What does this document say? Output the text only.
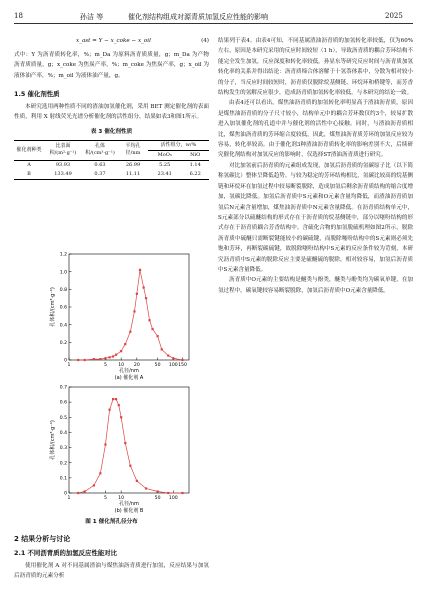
18	孙洁 等	催化剂结构组成对源青质加氢反应性能的影响	2025
x_ast = Y − x_coke − x_oil	(4)

式中：Y 为沥青质转化率，%；m_Da 为原料沥青质质量，g；m_Da 为产物沥青质质量，g；x_coke 为焦炭产率，%；m_coke 为焦炭产率，g；x_oil 为液体油产率，%；m_oil 为液体油产量，g。

1.5 催化剂性质

本研究选用两种性质不同的渣油加氢催化剂，采用 BET 测定催化剂的表面性质，利用 X 射线荧光光谱分析催化剂的活性组分，结果如表3和图1所示。

表 3 催化剂性质
催化剂种类	比表面积/(m²·g⁻¹)	孔体积/(cm³·g⁻¹)	平均孔径/nm	活性组分，w/%	
				MoO₃	NiO
A	93.93	0.63	26.99	5.25	1.14
B	133.49	0.37	11.11	23.41	6.22
0
0.2
0.4
0.6
0.8
1.0
1.2
1	5 10 20	50 100 150
孔径/nm
孔体积/(cm³·g⁻¹)
(a) 催化剂 A
0
0.1
0.2
0.3
0.4
0.5
0.6
0.7
1	5 10	50 100
孔径/nm
孔体积/(cm³·g⁻¹)
(b) 催化剂 B
图 1 催化剂孔径分布
2 结果分析与讨论
2.1 不同沥青质的加氢反应性能对比

使用催化剂 A 对不同基属渣油与煤焦油沥青质进行加氢，反应结果与加氢后沥青质的元素分析

结果列于表4。由表4可知，不同基属渣油沥青质的加氢转化率较低，仅为60%左右，原因是本研究采用的反应时间较短（1 h），导致沥青质的耦合芳环结构不能完全发生加氢，反应深度和转化率较低。孙显东等研究反应时间与沥青质加氢转化率的关系并得出结论：沥青质缔合体溶解于十氢萘体系中，分散为相对较小的分子，当反应时间较短时，沥青质仅脱除烷基侧链、环烷环和桥键等，而芳香结构发生的氢解反应很少，造成沥青质加氢转化率较低，与本研究的结论一致。

由表4还可以看出，煤焦油沥青质的加氢转化率明显高于渣油沥青质，原因是煤焦油沥青质的分子尺寸较小，结构单元中的耦合芳环数仅约3个，较易扩散进入加氢催化剂的孔道中并与催化剂的活性中心接触。同时，与渣油沥青质相比，煤焦油沥青质的芳环缩合度较低，因此，煤焦油沥青质芳环的加氢反应较为容易，转化率较高。由于催化剂3种渣油沥青质转化率的影响差别不大，后续研究催化剂结构对加氢反应的影响时，仅选择ST渣油沥青质进行研究。

对比加氢前后沥青质的元素组成发现，加氢后沥青质的氢碳原子比（以下简称氢碳比）整体呈降低趋势。与较为稳定的芳环结构相比，氢碳比较高的烷基侧链和环烷环在加氢过程中较易断裂脱除，造成加氢后剩余沥青质结构的缩合度增加，氢碳比降低。加氢后沥青质中S元素和O元素含量均降低，而渣油沥青质加氢后N元素含量增加，煤焦油沥青质中N元素含量降低。在沥青质结构单元中，S元素部分以硫醚结构的形式存在于沥青质的烷基侧链中，部分以噻吩结构的形式存在于沥青质耦合芳香结构中。含硫化合物的加氢脱硫机理如图2所示，脱除沥青质中硫醚只需断裂键能较小的碳硫键，而脱除噻吩结构中的S元素则必须先饱和芳环，再断裂碳硫键，故脱除噻吩结构中S元素的反应条件较为苛刻，本研究沥青质中S元素的脱除反应主要是硫醚硫的脱除，相对较容易，加氢后沥青质中S元素含量降低。

沥青质中O元素的主要结构是醚类与酚类，醚类与酚类均为碳氧单键，在加氢过程中，碳氧键较容易断裂脱除，加氢后沥青质中O元素含量降低。
